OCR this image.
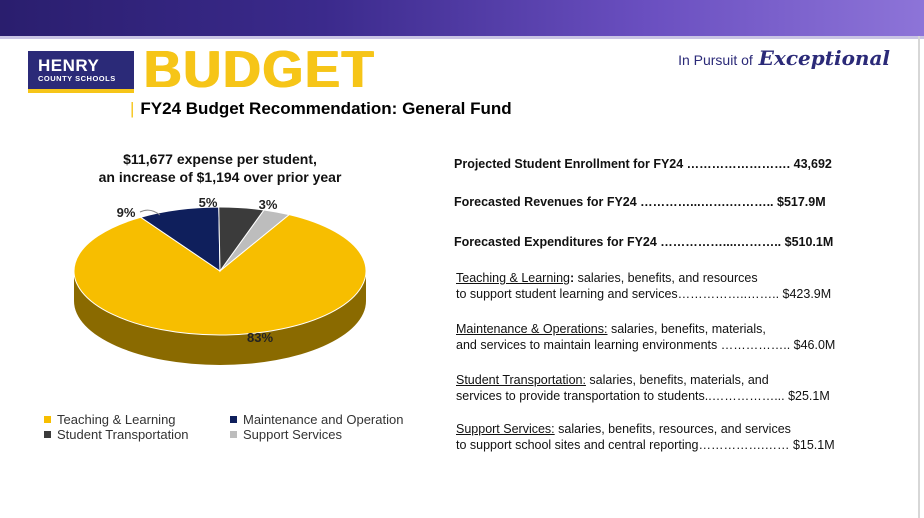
HENRY
COUNTY SCHOOLS BUDGET	In Pursuit of Exceptional
| FY24 Budget Recommendation: General Fund
$11,677 expense per student,
an increase of $1,194 over prior year
3%
83%
9%
5%
Teaching & Learning	Maintenance and Operation
Student Transportation	Support Services
Projected Student Enrollment for FY24 ……………………. 43,692
Forecasted Revenues for FY24 …………...…….……….. $517.9M
Forecasted Expenditures for FY24 ……………....……….. $510.1M
Teaching & Learning: salaries, benefits, and resources
to support student learning and services……………..…….. $423.9M
Maintenance & Operations: salaries, benefits, materials,
and services to maintain learning environments …………….. $46.0M
Student Transportation: salaries, benefits, materials, and
services to provide transportation to students..……………... $25.1M
Support Services: salaries, benefits, resources, and services
to support school sites and central reporting…………….…… $15.1M
